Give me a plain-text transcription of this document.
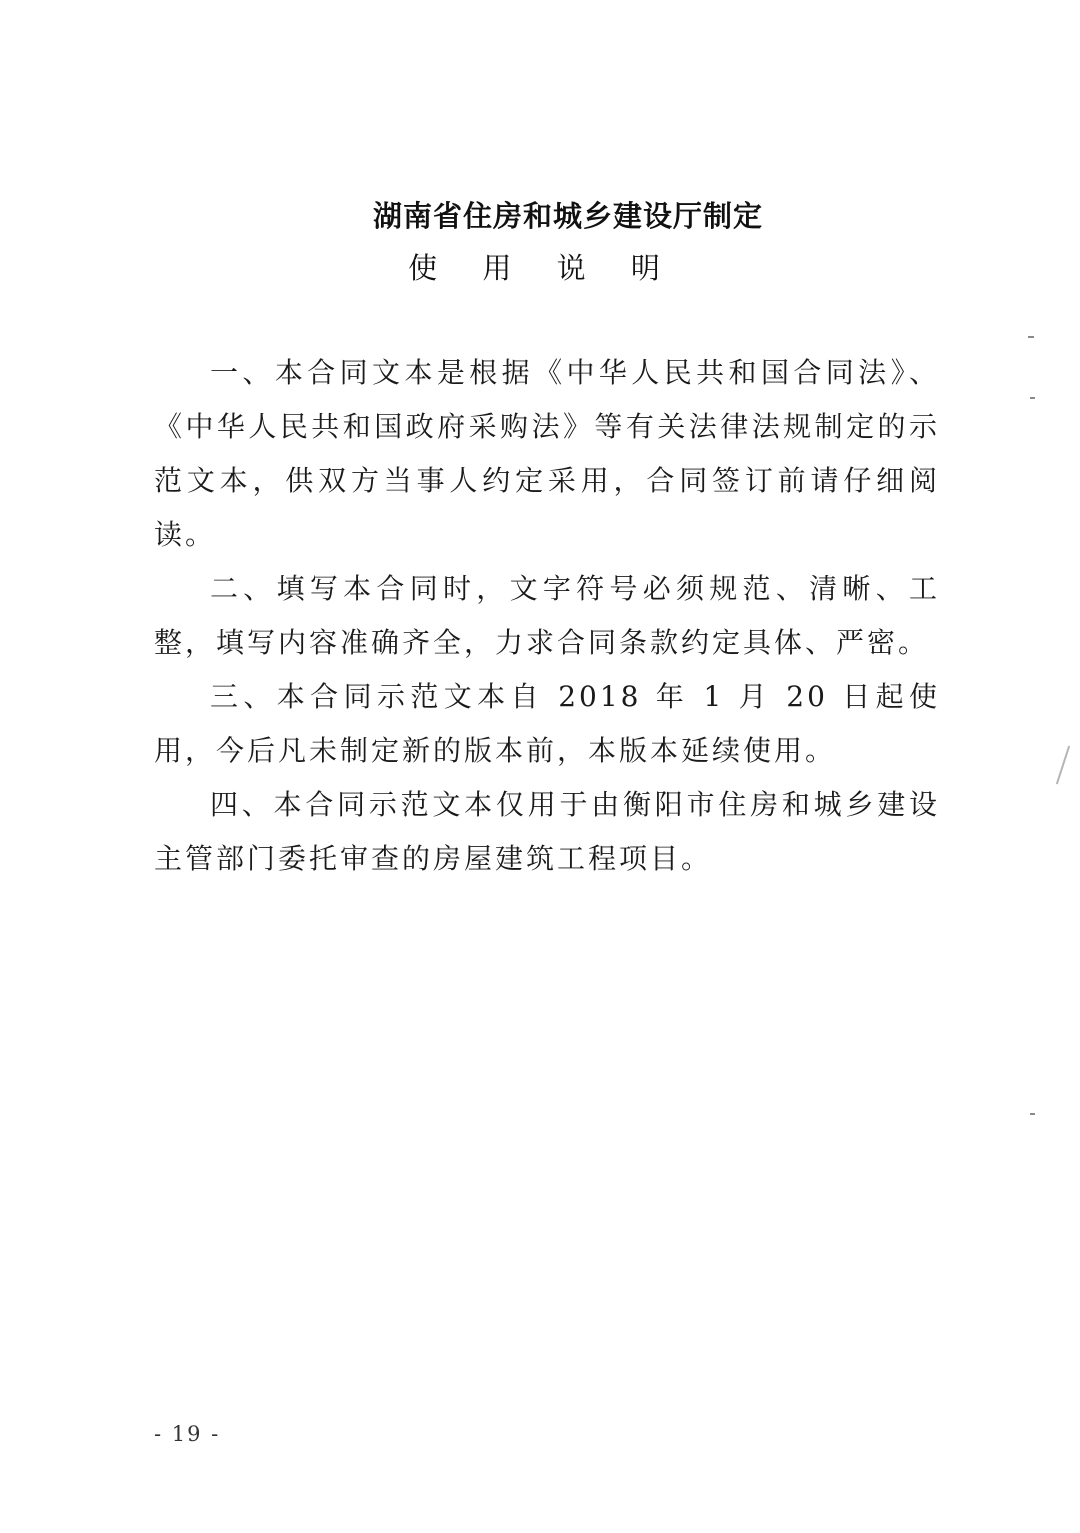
湖南省住房和城乡建设厅制定
使 用 说 明

一、本合同文本是根据《中华人民共和国合同法》、《中华人民共和国政府采购法》等有关法律法规制定的示范文本，供双方当事人约定采用，合同签订前请仔细阅读。

二、填写本合同时，文字符号必须规范、清晰、工整，填写内容准确齐全，力求合同条款约定具体、严密。

三、本合同示范文本自 2018 年 1 月 20 日起使用，今后凡未制定新的版本前，本版本延续使用。

四、本合同示范文本仅用于由衡阳市住房和城乡建设主管部门委托审查的房屋建筑工程项目。

- 19 -
